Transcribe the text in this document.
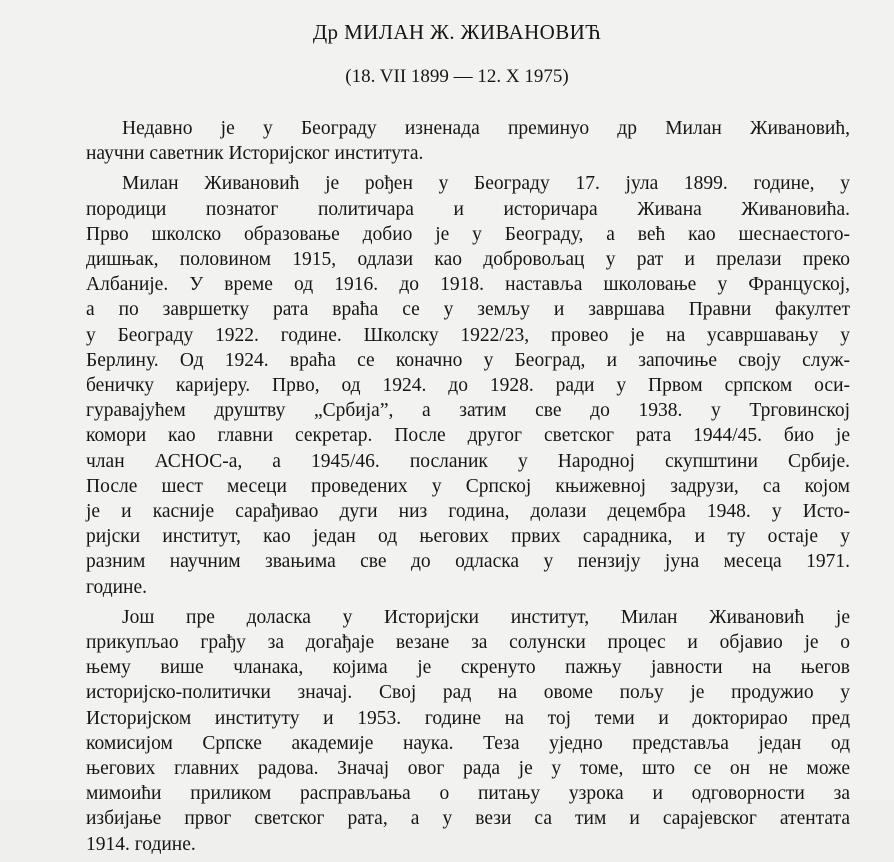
Др МИЛАН Ж. ЖИВАНОВИЋ
(18. VII 1899 — 12. X 1975)
Недавно је у Београду изненада преминуо др Милан Живановић,
научни саветник Историјског института.
Милан Живановић је рођен у Београду 17. јула 1899. године, у
породици познатог политичара и историчара Живана Живановића.
Прво школско образовање добио је у Београду, а већ као шеснаестого-
дишњак, половином 1915, одлази као добровољац у рат и прелази преко
Албаније. У време од 1916. до 1918. наставља школовање у Француској,
а по завршетку рата враћа се у земљу и завршава Правни факултет
у Београду 1922. године. Школску 1922/23, провео је на усавршавању у
Берлину. Од 1924. враћа се коначно у Београд, и започиње своју служ-
беничку каријеру. Прво, од 1924. до 1928. ради у Првом српском оси-
гуравајућем друштву „Србија”, а затим све до 1938. у Трговинској
комори као главни секретар. После другог светског рата 1944/45. био је
члан АСНОС-а, а 1945/46. посланик у Народној скупштини Србије.
После шест месеци проведених у Српској књижевној задрузи, са којом
је и касније сарађивао дуги низ година, долази децембра 1948. у Исто-
ријски институт, као један од његових првих сарадника, и ту остаје у
разним научним звањима све до одласка у пензију јуна месеца 1971.
године.
Још пре доласка у Историјски институт, Милан Живановић је
прикупљао грађу за догађаје везане за солунски процес и објавио је о
њему више чланака, којима је скренуто пажњу јавности на његов
историјско-политички значај. Свој рад на овоме пољу је продужио у
Историјском институту и 1953. године на тој теми и докторирао пред
комисијом Српске академије наука. Теза уједно представља један од
његових главних радова. Значај овог рада је у томе, што се он не може
мимоићи приликом расправљања о питању узрока и одговорности за
избијање првог светског рата, а у вези са тим и сарајевског атентата
1914. године.
